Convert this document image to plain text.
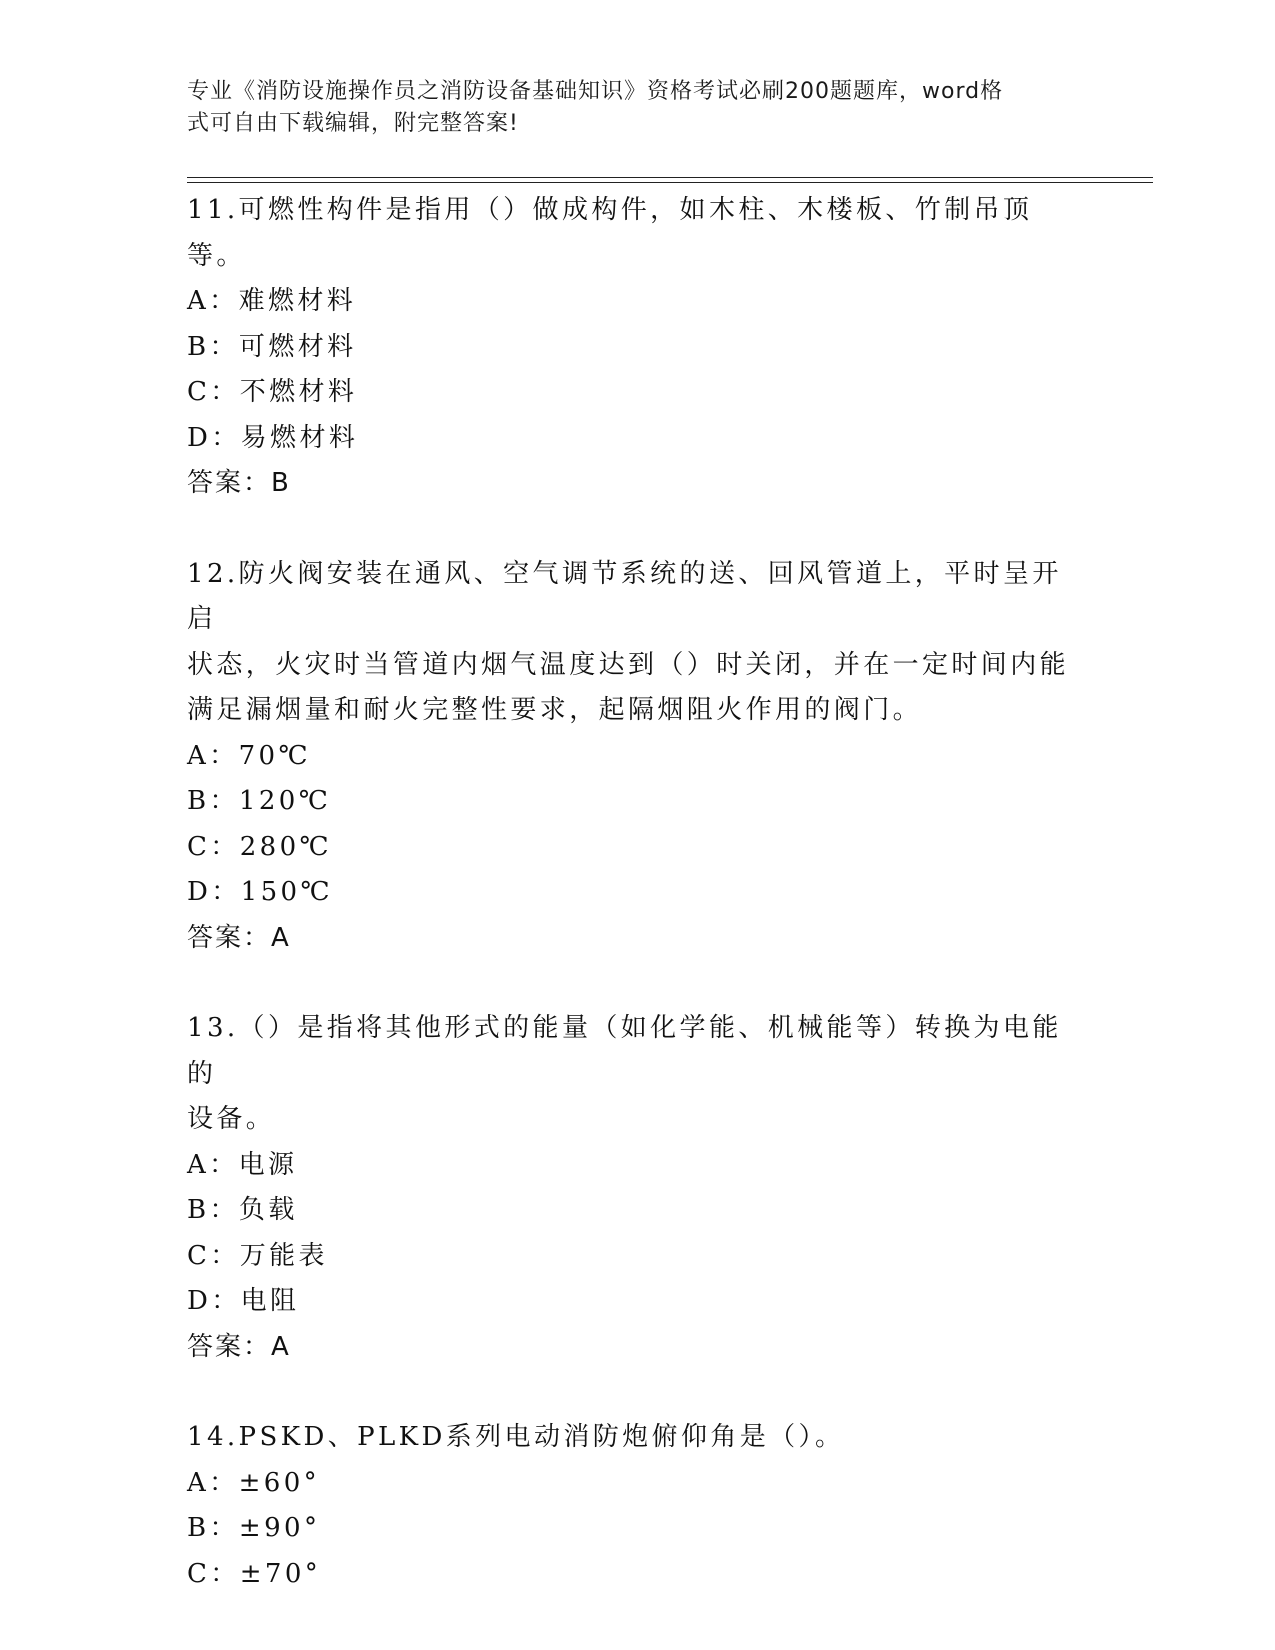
专业《消防设施操作员之消防设备基础知识》资格考试必刷200题题库，word格
式可自由下载编辑，附完整答案!
11.可燃性构件是指用（）做成构件，如木柱、木楼板、竹制吊顶等。
A：难燃材料
B：可燃材料
C：不燃材料
D：易燃材料
答案：B
12.防火阀安装在通风、空气调节系统的送、回风管道上，平时呈开启
状态，火灾时当管道内烟气温度达到（）时关闭，并在一定时间内能
满足漏烟量和耐火完整性要求，起隔烟阻火作用的阀门。
A：70℃
B：120℃
C：280℃
D：150℃
答案：A
13.（）是指将其他形式的能量（如化学能、机械能等）转换为电能的
设备。
A：电源
B：负载
C：万能表
D：电阻
答案：A
14.PSKD、PLKD系列电动消防炮俯仰角是（）。
A：±60°
B：±90°
C：±70°
